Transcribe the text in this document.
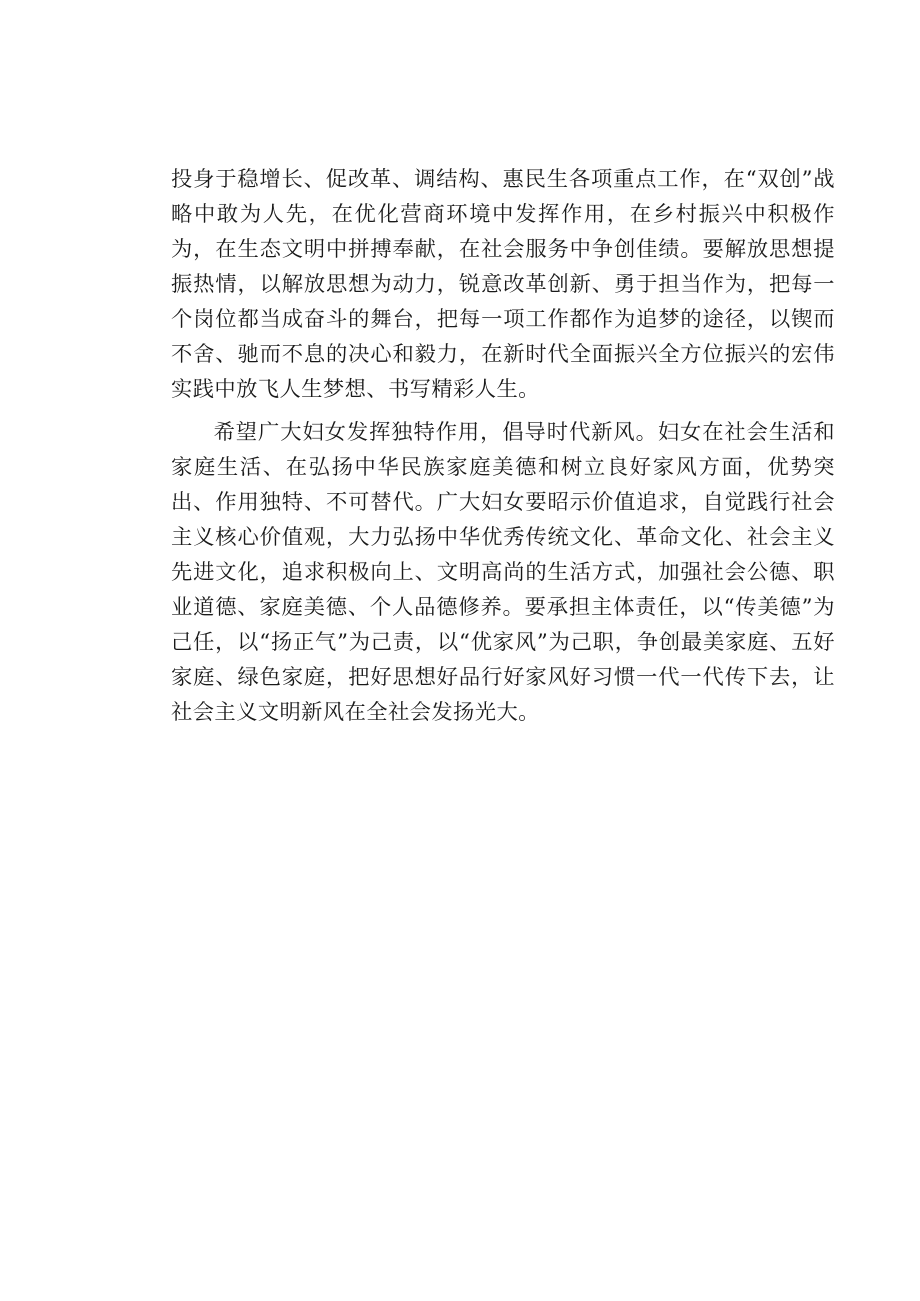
投身于稳增长、促改革、调结构、惠民生各项重点工作，在“双创”战略中敢为人先，在优化营商环境中发挥作用，在乡村振兴中积极作为，在生态文明中拼搏奉献，在社会服务中争创佳绩。要解放思想提振热情，以解放思想为动力，锐意改革创新、勇于担当作为，把每一个岗位都当成奋斗的舞台，把每一项工作都作为追梦的途径，以锲而不舍、驰而不息的决心和毅力，在新时代全面振兴全方位振兴的宏伟实践中放飞人生梦想、书写精彩人生。

希望广大妇女发挥独特作用，倡导时代新风。妇女在社会生活和家庭生活、在弘扬中华民族家庭美德和树立良好家风方面，优势突出、作用独特、不可替代。广大妇女要昭示价值追求，自觉践行社会主义核心价值观，大力弘扬中华优秀传统文化、革命文化、社会主义先进文化，追求积极向上、文明高尚的生活方式，加强社会公德、职业道德、家庭美德、个人品德修养。要承担主体责任，以“传美德”为己任，以“扬正气”为己责，以“优家风”为己职，争创最美家庭、五好家庭、绿色家庭，把好思想好品行好家风好习惯一代一代传下去，让社会主义文明新风在全社会发扬光大。
